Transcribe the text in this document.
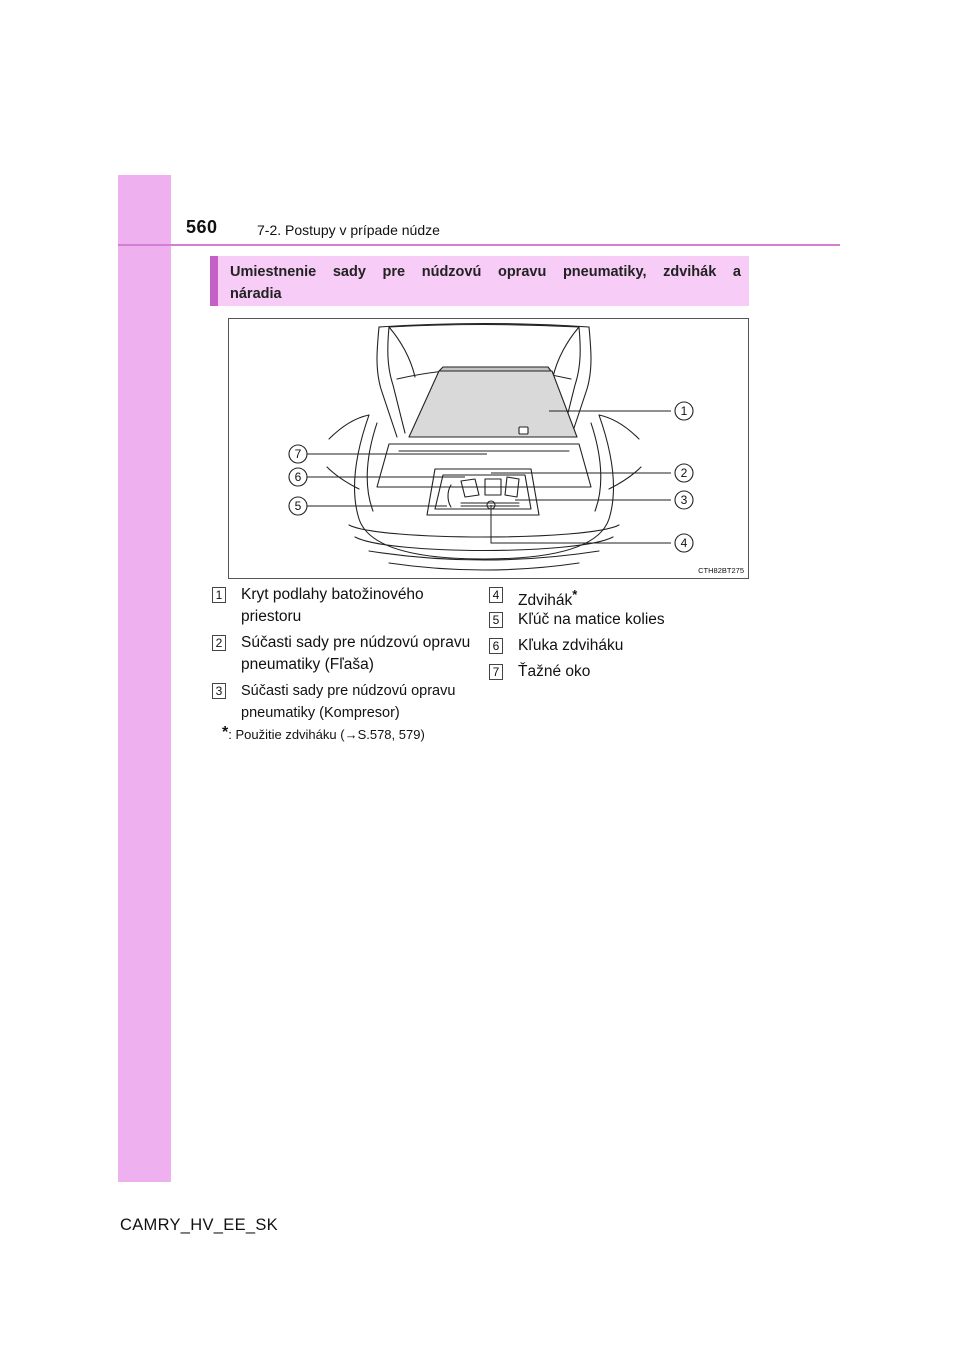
560	7-2. Postupy v prípade núdze
Umiestnenie sady pre núdzovú opravu pneumatiky, zdvihák a náradia
1
2
3
4
5
6
7
CTH82BT275
1 Kryt podlahy batožinového priestoru
2 Súčasti sady pre núdzovú opravu pneumatiky (Fľaša)
3 Súčasti sady pre núdzovú opravu pneumatiky (Kompresor)
4 Zdvihák*
5 Kľúč na matice kolies
6 Kľuka zdviháku
7 Ťažné oko
*: Použitie zdviháku (→S.578, 579)
CAMRY_HV_EE_SK
